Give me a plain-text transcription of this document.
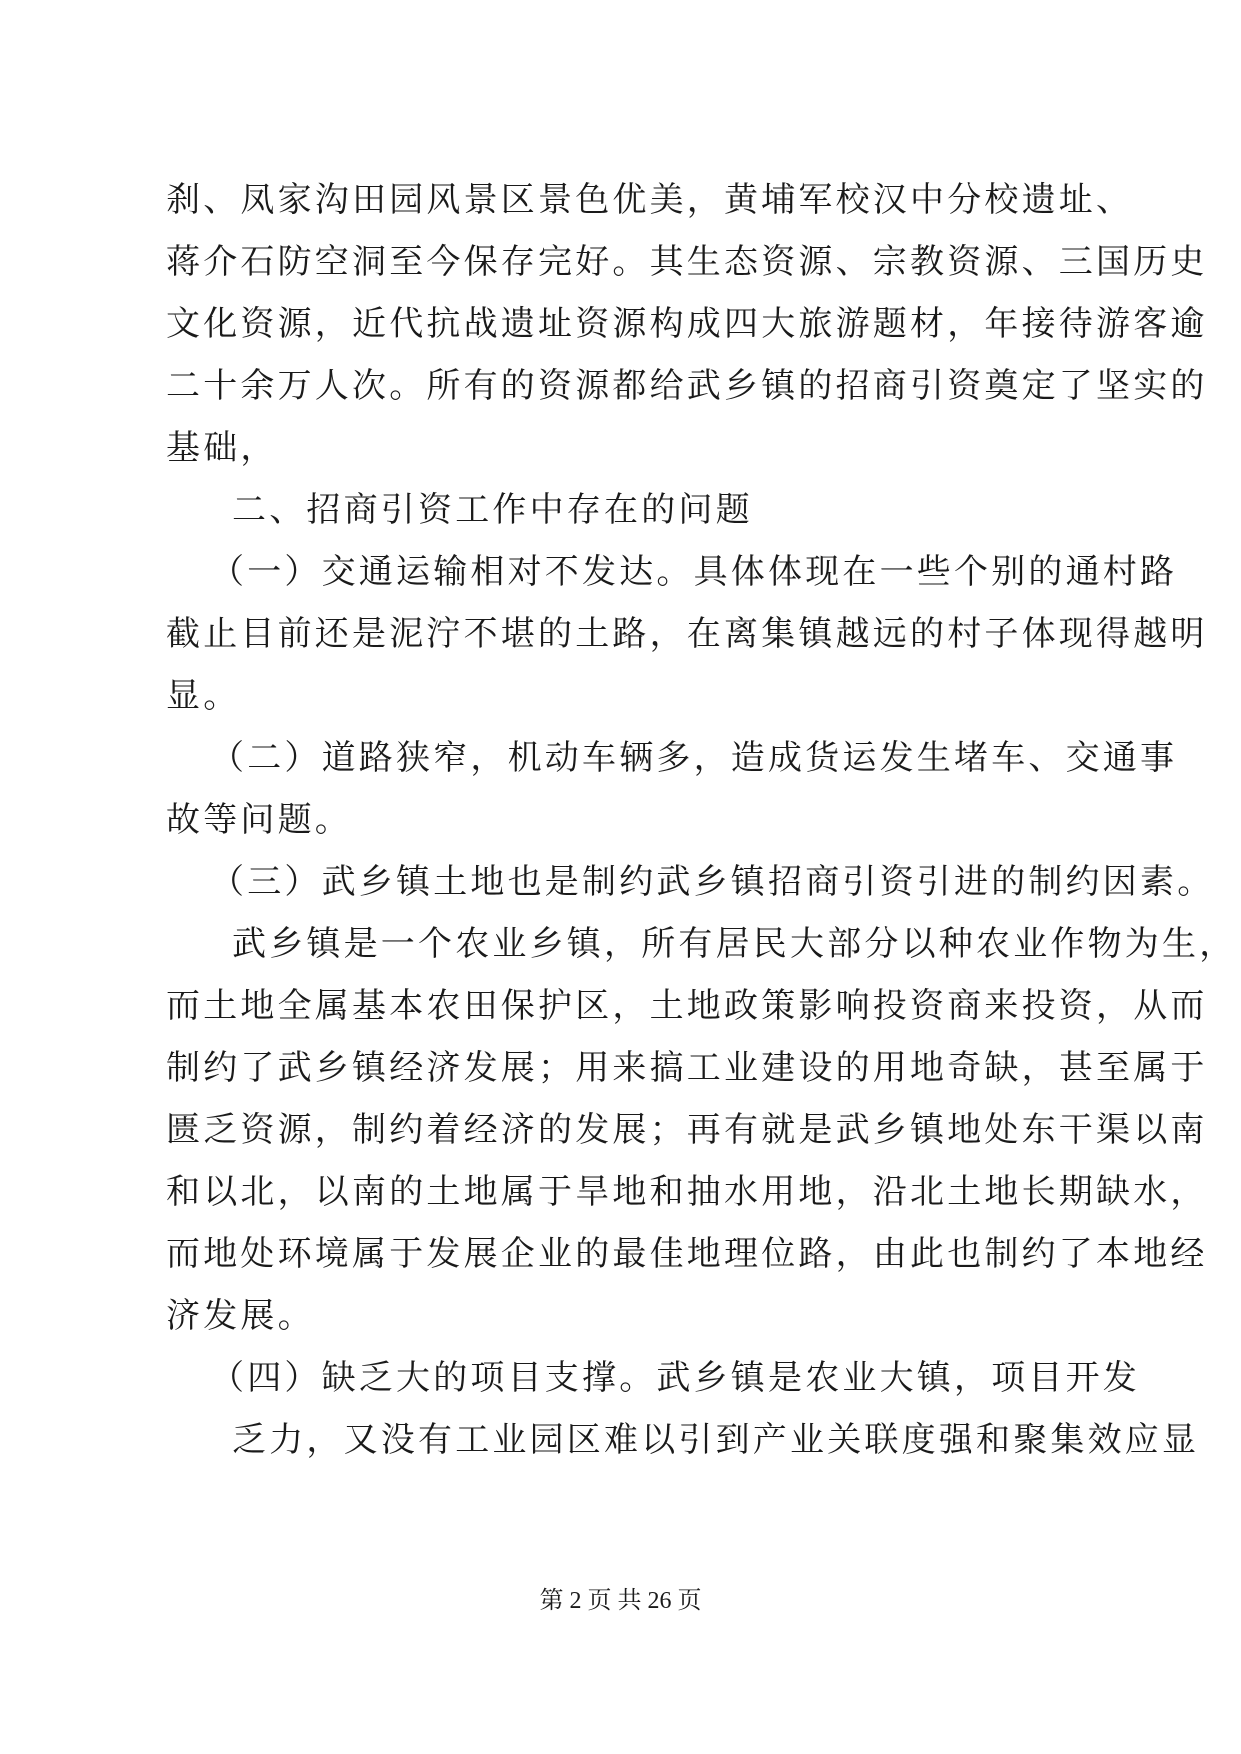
刹、凤家沟田园风景区景色优美，黄埔军校汉中分校遗址、
蒋介石防空洞至今保存完好。其生态资源、宗教资源、三国历史
文化资源，近代抗战遗址资源构成四大旅游题材，年接待游客逾
二十余万人次。所有的资源都给武乡镇的招商引资奠定了坚实的
基础，
二、招商引资工作中存在的问题
（一）交通运输相对不发达。具体体现在一些个别的通村路
截止目前还是泥泞不堪的土路，在离集镇越远的村子体现得越明
显。
（二）道路狭窄，机动车辆多，造成货运发生堵车、交通事
故等问题。
（三）武乡镇土地也是制约武乡镇招商引资引进的制约因素。
武乡镇是一个农业乡镇，所有居民大部分以种农业作物为生，
而土地全属基本农田保护区，土地政策影响投资商来投资，从而
制约了武乡镇经济发展；用来搞工业建设的用地奇缺，甚至属于
匮乏资源，制约着经济的发展；再有就是武乡镇地处东干渠以南
和以北，以南的土地属于旱地和抽水用地，沿北土地长期缺水，
而地处环境属于发展企业的最佳地理位路，由此也制约了本地经
济发展。
（四）缺乏大的项目支撑。武乡镇是农业大镇，项目开发
乏力，又没有工业园区难以引到产业关联度强和聚集效应显
第 2 页 共 26 页
